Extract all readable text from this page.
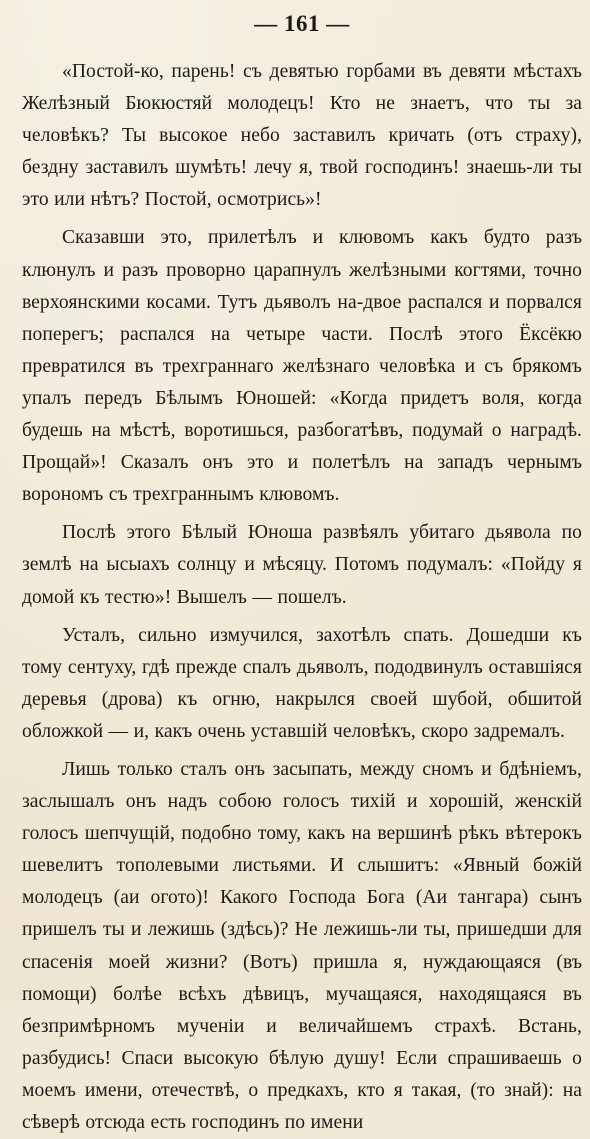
— 161 —

«Постой-ко, парень! съ девятью горбами въ девяти мѣстахъ Желѣзный Бюкюстяй молодецъ! Кто не знаетъ, что ты за человѣкъ? Ты высокое небо заставилъ кричать (отъ страху), бездну заставилъ шумѣть! лечу я, твой господинъ! знаешь-ли ты это или нѣтъ? Постой, осмотрись»!

Сказавши это, прилетѣлъ и клювомъ какъ будто разъ клюнулъ и разъ проворно царапнулъ желѣзными когтями, точно верхоянскими косами. Тутъ дьяволъ на-двое распался и порвался поперегъ; распался на четыре части. Послѣ этого Ёксёкю превратился въ трехграннаго желѣзнаго человѣка и съ брякомъ упалъ передъ Бѣлымъ Юношей: «Когда придетъ воля, когда будешь на мѣстѣ, воротишься, разбогатѣвъ, подумай о наградѣ. Прощай»! Сказалъ онъ это и полетѣлъ на западъ чернымъ ворономъ съ трехграннымъ клювомъ.

Послѣ этого Бѣлый Юноша развѣялъ убитаго дьявола по землѣ на ысыахъ солнцу и мѣсяцу. Потомъ подумалъ: «Пойду я домой къ тестю»! Вышелъ — пошелъ.

Усталъ, сильно измучился, захотѣлъ спать. Дошедши къ тому сентуху, гдѣ прежде спалъ дьяволъ, пододвинулъ оставшіяся деревья (дрова) къ огню, накрылся своей шубой, обшитой обложкой — и, какъ очень уставшій человѣкъ, скоро задремалъ.

Лишь только сталъ онъ засыпать, между сномъ и бдѣніемъ, заслышалъ онъ надъ собою голосъ тихій и хорошій, женскій голосъ шепчущій, подобно тому, какъ на вершинѣ рѣкъ вѣтерокъ шевелитъ тополевыми листьями. И слышитъ: «Явный божій молодецъ (аи огото)! Какого Господа Бога (Аи тангара) сынъ пришелъ ты и лежишь (здѣсь)? Не лежишь-ли ты, пришедши для спасенія моей жизни? (Вотъ) пришла я, нуждающаяся (въ помощи) болѣе всѣхъ дѣвицъ, мучащаяся, находящаяся въ безпримѣрномъ мученіи и величайшемъ страхѣ. Встань, разбудись! Спаси высокую бѣлую душу! Если спрашиваешь о моемъ имени, отечествѣ, о предкахъ, кто я такая, (то знай): на сѣверѣ отсюда есть господинъ по имени
